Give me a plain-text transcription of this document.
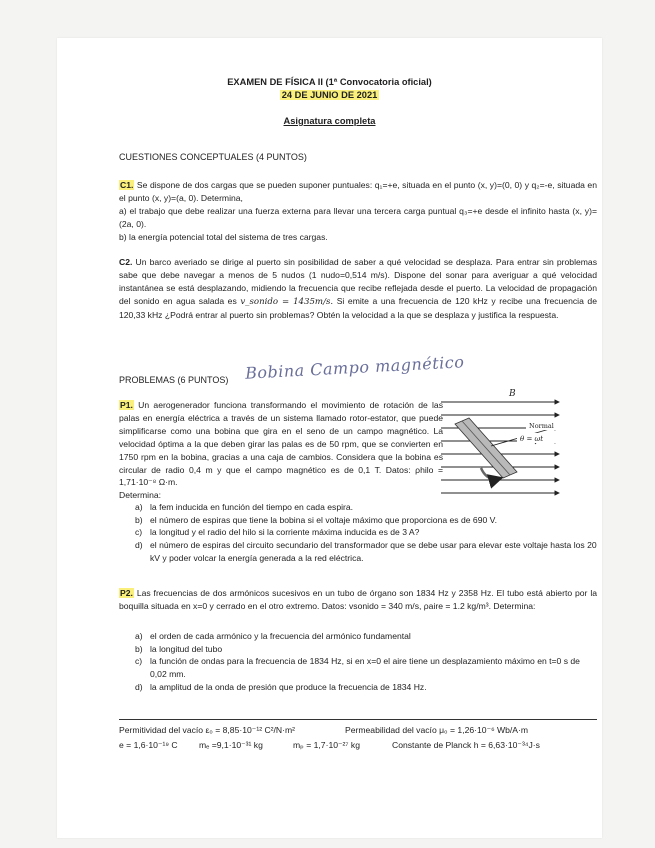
EXAMEN DE FÍSICA II (1ª Convocatoria oficial)
24 DE JUNIO DE 2021
Asignatura completa
CUESTIONES CONCEPTUALES (4 PUNTOS)
C1. Se dispone de dos cargas que se pueden suponer puntuales: q₁=+e, situada en el punto (x, y)=(0, 0) y q₂=-e, situada en el punto (x, y)=(a, 0). Determina,
a) el trabajo que debe realizar una fuerza externa para llevar una tercera carga puntual q₃=+e desde el infinito hasta (x, y)=(2a, 0).
b) la energía potencial total del sistema de tres cargas.
C2. Un barco averiado se dirige al puerto sin posibilidad de saber a qué velocidad se desplaza. Para entrar sin problemas sabe que debe navegar a menos de 5 nudos (1 nudo=0,514 m/s). Dispone del sonar para averiguar a qué velocidad instantánea se está desplazando, midiendo la frecuencia que recibe reflejada desde el puerto. La velocidad de propagación del sonido en agua salada es v_sonido = 1435m/s. Si emite a una frecuencia de 120 kHz y recibe una frecuencia de 120,33 kHz ¿Podrá entrar al puerto sin problemas? Obtén la velocidad a la que se desplaza y justifica la respuesta.
PROBLEMAS (6 PUNTOS) Bobina Campo magnético
P1. Un aerogenerador funciona transformando el movimiento de rotación de las palas en energía eléctrica a través de un sistema llamado rotor-estator, que puede simplificarse como una bobina que gira en el seno de un campo magnético. La velocidad óptima a la que deben girar las palas es de 50 rpm, que se convierten en 1750 rpm en la bobina, gracias a una caja de cambios. Considera que la bobina es circular de radio 0,4 m y que el campo magnético es de 0,1 T. Datos: ρhilo = 1,71·10⁻⁸ Ω·m.
Determina:
B
Normal
θ = ωt
a) la fem inducida en función del tiempo en cada espira.
b) el número de espiras que tiene la bobina si el voltaje máximo que proporciona es de 690 V.
c) la longitud y el radio del hilo si la corriente máxima inducida es de 3 A?
d) el número de espiras del circuito secundario del transformador que se debe usar para elevar este voltaje hasta los 20 kV y poder volcar la energía generada a la red eléctrica.
P2. Las frecuencias de dos armónicos sucesivos en un tubo de órgano son 1834 Hz y 2358 Hz. El tubo está abierto por la boquilla situada en x=0 y cerrado en el otro extremo. Datos: vsonido = 340 m/s, ρaire = 1.2 kg/m³. Determina:
a) el orden de cada armónico y la frecuencia del armónico fundamental
b) la longitud del tubo
c) la función de ondas para la frecuencia de 1834 Hz, si en x=0 el aire tiene un desplazamiento máximo en t=0 s de 0,02 mm.
d) la amplitud de la onda de presión que produce la frecuencia de 1834 Hz.
Permitividad del vacío ε₀ = 8,85·10⁻¹² C²/N·m²	Permeabilidad del vacío μ₀ = 1,26·10⁻⁶ Wb/A·m
e = 1,6·10⁻¹⁹ C mₑ =9,1·10⁻³¹ kg	mₚ = 1,7·10⁻²⁷ kg	Constante de Planck h = 6,63·10⁻³⁴J·s
